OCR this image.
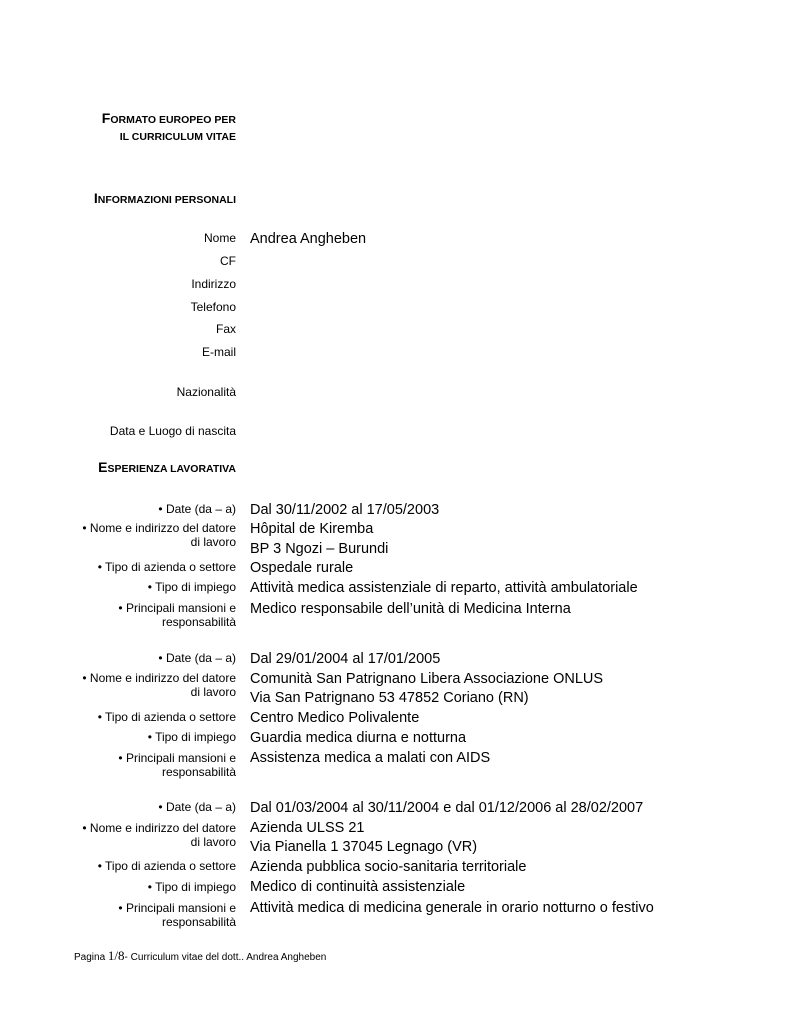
FORMATO EUROPEO PER
IL CURRICULUM VITAE
INFORMAZIONI PERSONALI
Nome Andrea Angheben
CF
Indirizzo
Telefono
Fax
E-mail
Nazionalità
Data e Luogo di nascita
ESPERIENZA LAVORATIVA
• Date (da – a) Dal 30/11/2002 al 17/05/2003
• Nome e indirizzo del datore di lavoro
Hôpital de Kiremba
BP 3 Ngozi – Burundi
• Tipo di azienda o settore Ospedale rurale
• Tipo di impiego Attività medica assistenziale di reparto, attività ambulatoriale
• Principali mansioni e responsabilità
Medico responsabile dell’unità di Medicina Interna
• Date (da – a) Dal 29/01/2004 al 17/01/2005
• Nome e indirizzo del datore di lavoro
Comunità San Patrignano Libera Associazione ONLUS
Via San Patrignano 53 47852 Coriano (RN)
• Tipo di azienda o settore Centro Medico Polivalente
• Tipo di impiego Guardia medica diurna e notturna
• Principali mansioni e responsabilità
Assistenza medica a malati con AIDS
• Date (da – a) Dal 01/03/2004 al 30/11/2004 e dal 01/12/2006 al 28/02/2007
• Nome e indirizzo del datore di lavoro
Azienda ULSS 21
Via Pianella 1 37045 Legnago (VR)
• Tipo di azienda o settore Azienda pubblica socio-sanitaria territoriale
• Tipo di impiego Medico di continuità assistenziale
• Principali mansioni e responsabilità
Attività medica di medicina generale in orario notturno o festivo
Pagina 1/8- Curriculum vitae del dott.. Andrea Angheben
